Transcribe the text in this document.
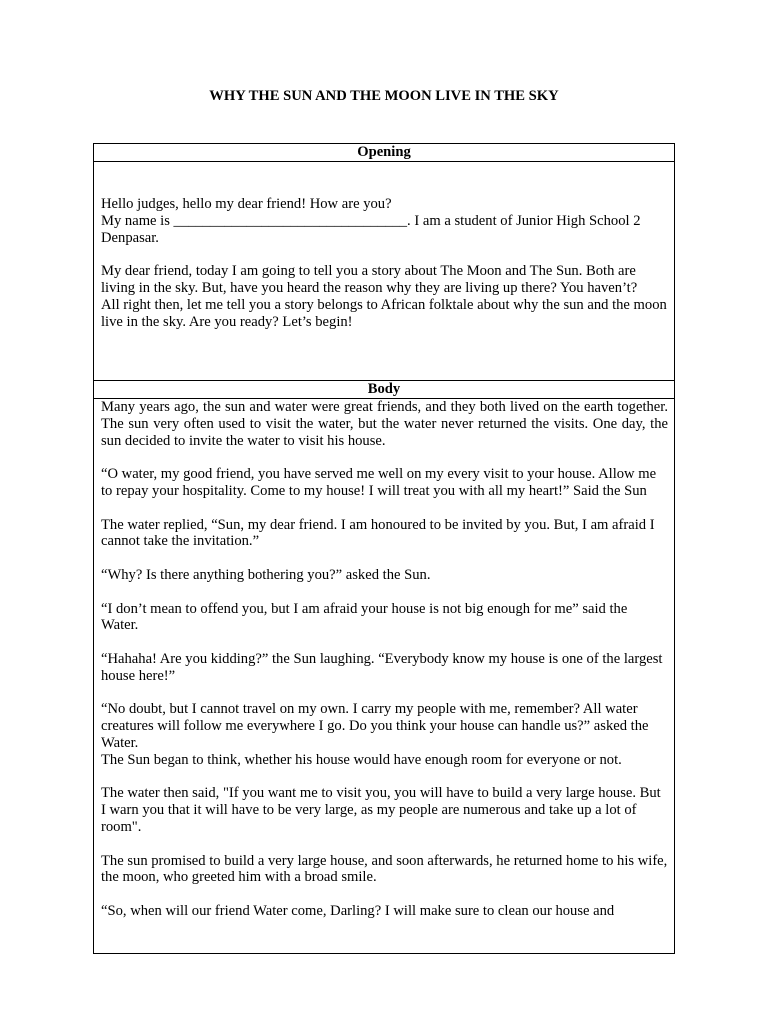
WHY THE SUN AND THE MOON LIVE IN THE SKY
Opening

Hello judges, hello my dear friend! How are you?

My name is ________________________________. I am a student of Junior High School 2 Denpasar.

My dear friend, today I am going to tell you a story about The Moon and The Sun. Both are living in the sky. But, have you heard the reason why they are living up there? You haven’t?

All right then, let me tell you a story belongs to African folktale about why the sun and the moon live in the sky. Are you ready? Let’s begin!

Body

Many years ago, the sun and water were great friends, and they both lived on the earth together. The sun very often used to visit the water, but the water never returned the visits. One day, the sun decided to invite the water to visit his house.

“O water, my good friend, you have served me well on my every visit to your house. Allow me to repay your hospitality. Come to my house! I will treat you with all my heart!” Said the Sun

The water replied, “Sun, my dear friend. I am honoured to be invited by you. But, I am afraid I cannot take the invitation.”

“Why? Is there anything bothering you?” asked the Sun.

“I don’t mean to offend you, but I am afraid your house is not big enough for me” said the Water.

“Hahaha! Are you kidding?” the Sun laughing. “Everybody know my house is one of the largest house here!”

“No doubt, but I cannot travel on my own. I carry my people with me, remember? All water creatures will follow me everywhere I go. Do you think your house can handle us?” asked the Water.

The Sun began to think, whether his house would have enough room for everyone or not.

The water then said, "If you want me to visit you, you will have to build a very large house. But I warn you that it will have to be very large, as my people are numerous and take up a lot of room".

The sun promised to build a very large house, and soon afterwards, he returned home to his wife, the moon, who greeted him with a broad smile.

“So, when will our friend Water come, Darling? I will make sure to clean our house and
